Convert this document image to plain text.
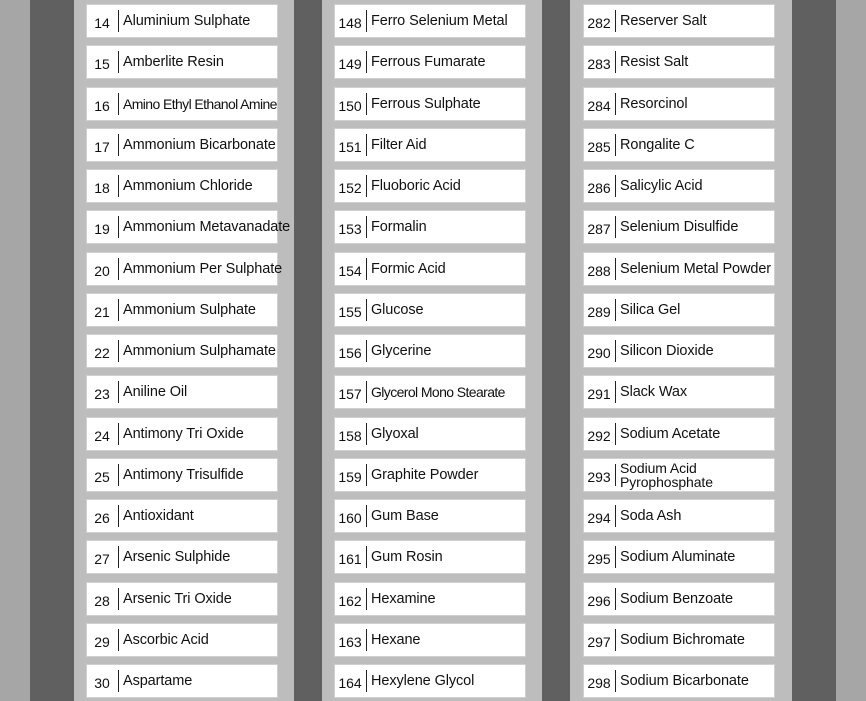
14 Aluminium Sulphate
15 Amberlite Resin
16 Amino Ethyl Ethanol Amine
17 Ammonium Bicarbonate
18 Ammonium Chloride
19 Ammonium Metavanadate
20 Ammonium Per Sulphate
21 Ammonium Sulphate
22 Ammonium Sulphamate
23 Aniline Oil
24 Antimony Tri Oxide
25 Antimony Trisulfide
26 Antioxidant
27 Arsenic Sulphide
28 Arsenic Tri Oxide
29 Ascorbic Acid
30 Aspartame
148 Ferro Selenium Metal
149 Ferrous Fumarate
150 Ferrous Sulphate
151 Filter Aid
152 Fluoboric Acid
153 Formalin
154 Formic Acid
155 Glucose
156 Glycerine
157 Glycerol Mono Stearate
158 Glyoxal
159 Graphite Powder
160 Gum Base
161 Gum Rosin
162 Hexamine
163 Hexane
164 Hexylene Glycol
282 Reserver Salt
283 Resist Salt
284 Resorcinol
285 Rongalite C
286 Salicylic Acid
287 Selenium Disulfide
288 Selenium Metal Powder
289 Silica Gel
290 Silicon Dioxide
291 Slack Wax
292 Sodium Acetate
293
Sodium Acid Pyrophosphate
294 Soda Ash
295 Sodium Aluminate
296 Sodium Benzoate
297 Sodium Bichromate
298 Sodium Bicarbonate
